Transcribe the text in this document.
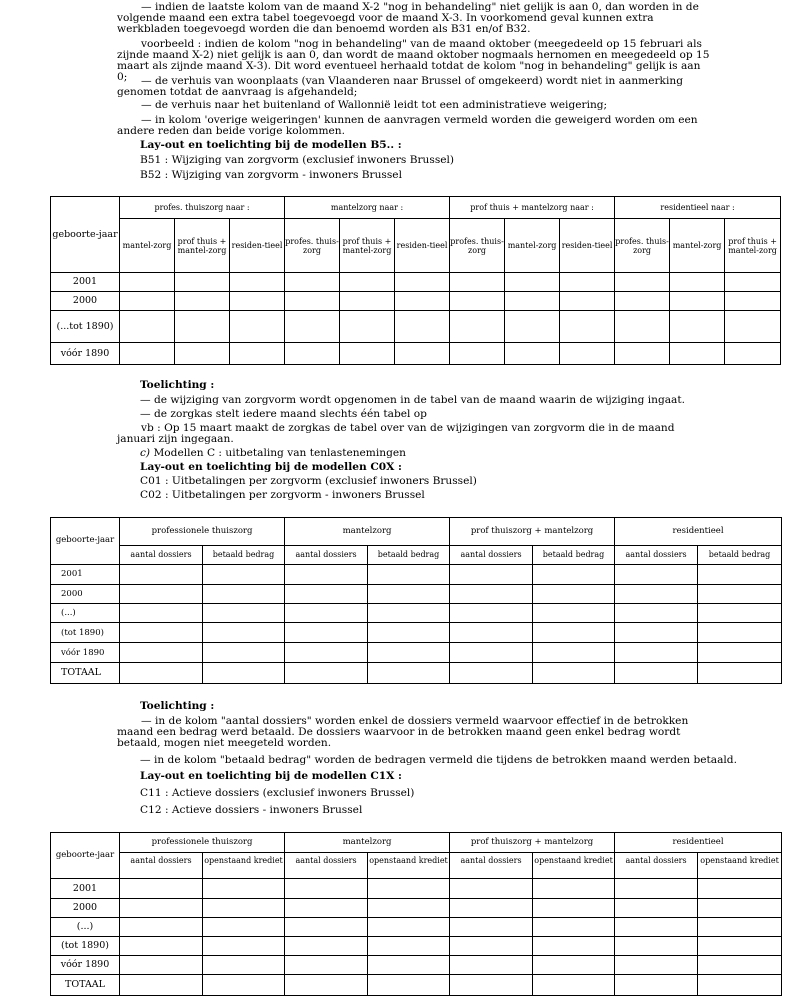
— indien de laatste kolom van de maand X-2 "nog in behandeling" niet gelijk is aan 0, dan worden in de volgende maand een extra tabel toegevoegd voor de maand X-3. In voorkomend geval kunnen extra werkbladen toegevoegd worden die dan benoemd worden als B31 en/of B32.
voorbeeld : indien de kolom "nog in behandeling" van de maand oktober (meegedeeld op 15 februari als zijnde maand X-2) niet gelijk is aan 0, dan wordt de maand oktober nogmaals hernomen en meegedeeld op 15 maart als zijnde maand X-3). Dit word eventueel herhaald totdat de kolom "nog in behandeling" gelijk is aan 0;	— de verhuis van woonplaats (van Vlaanderen naar Brussel of omgekeerd) wordt niet in aanmerking genomen totdat de aanvraag is afgehandeld;
— de verhuis naar het buitenland of Wallonnië leidt tot een administratieve weigering;
— in kolom 'overige weigeringen' kunnen de aanvragen vermeld worden die geweigerd worden om een andere reden dan beide vorige kolommen.
Lay-out en toelichting bij de modellen B5.. :
B51 : Wijziging van zorgvorm (exclusief inwoners Brussel)
B52 : Wijziging van zorgvorm - inwoners Brussel
geboorte-jaar	profes. thuiszorg naar :			mantelzorg naar :			prof thuis + mantelzorg naar :			residentieel naar :		
	mantel-zorg	prof thuis + mantel-zorg	residen-tieel	profes. thuis-zorg	prof thuis + mantel-zorg	residen-tieel	profes. thuis-zorg	mantel-zorg	residen-tieel	profes. thuis-zorg	mantel-zorg	prof thuis + mantel-zorg
2001												
2000												
(...tot 1890)												
vóór 1890												
Toelichting :
— de wijziging van zorgvorm wordt opgenomen in de tabel van de maand waarin de wijziging ingaat.
— de zorgkas stelt iedere maand slechts één tabel op
vb : Op 15 maart maakt de zorgkas de tabel over van de wijzigingen van zorgvorm die in de maand januari zijn ingegaan.
c) Modellen C : uitbetaling van tenlastenemingen
Lay-out en toelichting bij de modellen C0X :
C01 : Uitbetalingen per zorgvorm (exclusief inwoners Brussel)
C02 : Uitbetalingen per zorgvorm - inwoners Brussel
geboorte-jaar	professionele thuiszorg		mantelzorg		prof thuiszorg + mantelzorg		residentieel	
	aantal dossiers	betaald bedrag	aantal dossiers	betaald bedrag	aantal dossiers	betaald bedrag	aantal dossiers	betaald bedrag
2001								
2000								
(...)								
(tot 1890)								
vóór 1890								
TOTAAL								
Toelichting :
— in de kolom "aantal dossiers" worden enkel de dossiers vermeld waarvoor effectief in de betrokken maand een bedrag werd betaald. De dossiers waarvoor in de betrokken maand geen enkel bedrag wordt betaald, mogen niet meegeteld worden.
— in de kolom "betaald bedrag" worden de bedragen vermeld die tijdens de betrokken maand werden betaald.
Lay-out en toelichting bij de modellen C1X :
C11 : Actieve dossiers (exclusief inwoners Brussel)
C12 : Actieve dossiers - inwoners Brussel
geboorte-jaar	professionele thuiszorg		mantelzorg		prof thuiszorg + mantelzorg		residentieel	
	aantal dossiers	openstaand krediet	aantal dossiers	openstaand krediet	aantal dossiers	openstaand krediet	aantal dossiers	openstaand krediet
2001								
2000								
(...)								
(tot 1890)								
vóór 1890								
TOTAAL								
